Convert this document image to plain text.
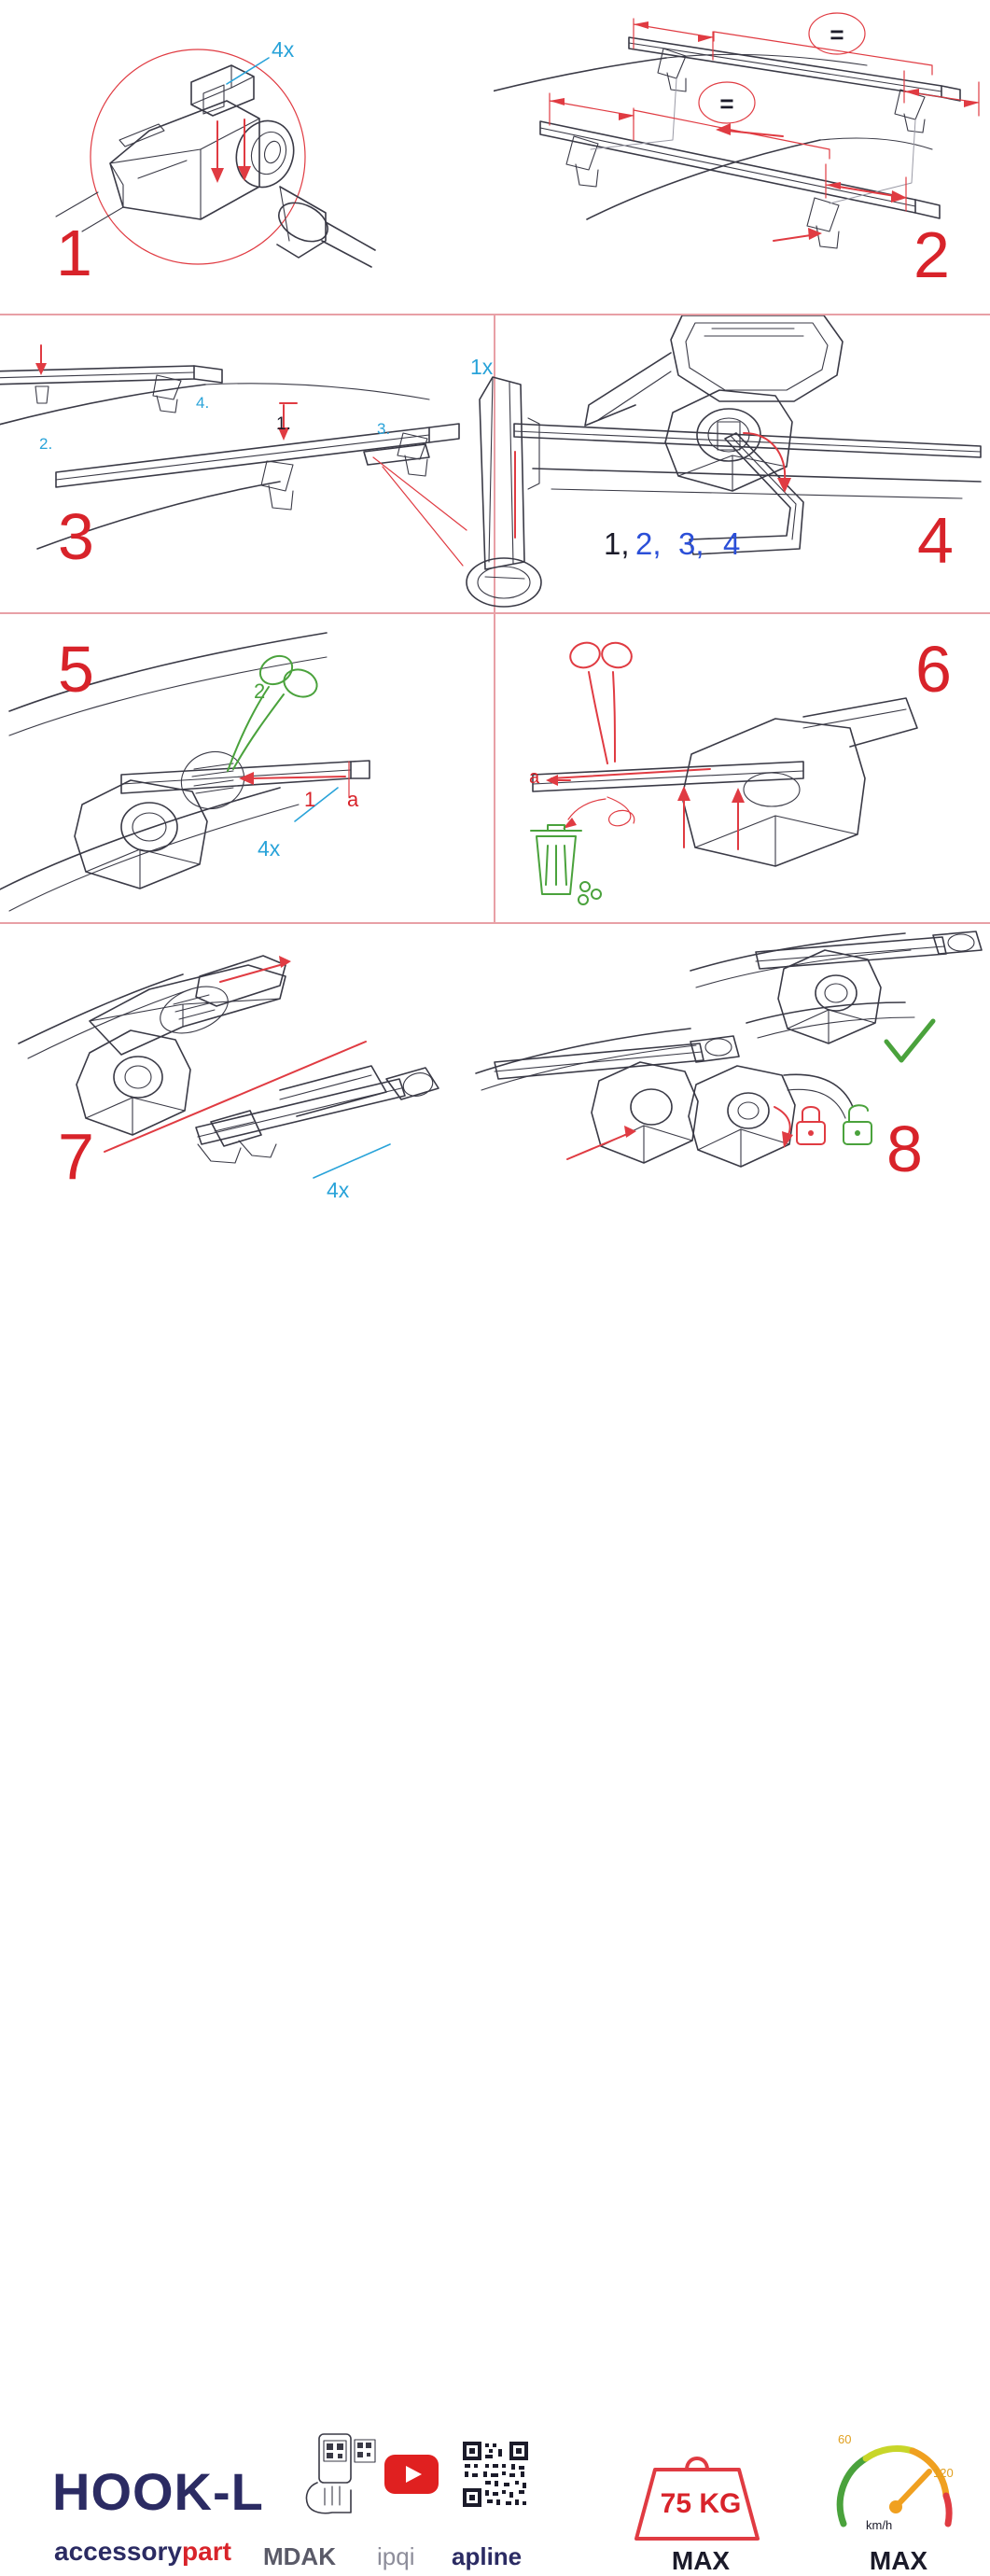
1
4x
=
=
2
3
1.
2.
3.
4.
1x
4
1, 2, 3, 4
5
1 a
2
4x
6
a
7	4x
8
HOOK-L
accessorypart MDAK ipqi apline
75 KG
MAX
60
120
km/h
MAX
